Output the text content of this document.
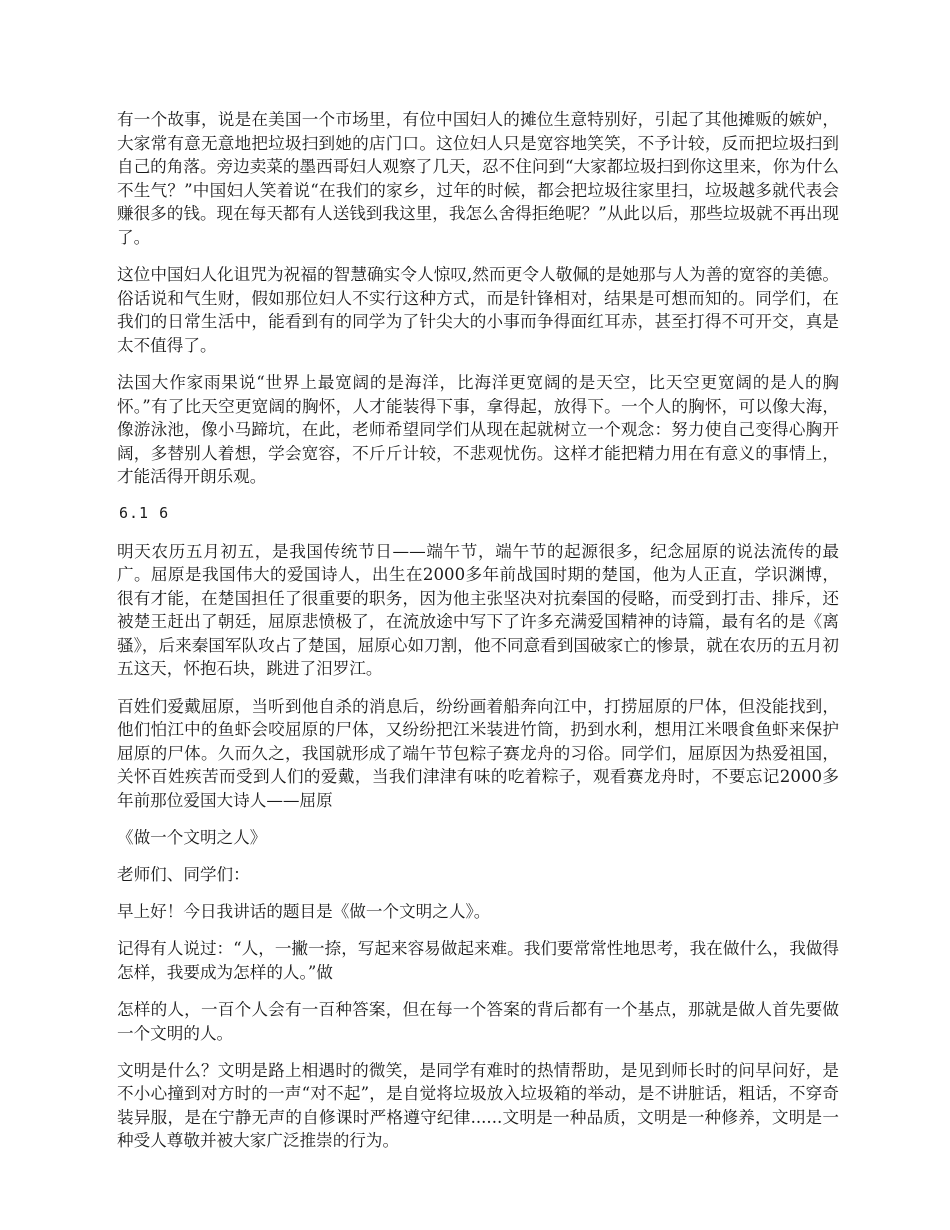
有一个故事，说是在美国一个市场里，有位中国妇人的摊位生意特别好，引起了其他摊贩的嫉妒，大家常有意无意地把垃圾扫到她的店门口。这位妇人只是宽容地笑笑，不予计较，反而把垃圾扫到自己的角落。旁边卖菜的墨西哥妇人观察了几天，忍不住问到“大家都垃圾扫到你这里来，你为什么不生气？”中国妇人笑着说“在我们的家乡，过年的时候，都会把垃圾往家里扫，垃圾越多就代表会赚很多的钱。现在每天都有人送钱到我这里，我怎么舍得拒绝呢？”从此以后，那些垃圾就不再出现了。

这位中国妇人化诅咒为祝福的智慧确实令人惊叹,然而更令人敬佩的是她那与人为善的宽容的美德。俗话说和气生财，假如那位妇人不实行这种方式，而是针锋相对，结果是可想而知的。同学们，在我们的日常生活中，能看到有的同学为了针尖大的小事而争得面红耳赤，甚至打得不可开交，真是太不值得了。

法国大作家雨果说“世界上最宽阔的是海洋，比海洋更宽阔的是天空，比天空更宽阔的是人的胸怀。”有了比天空更宽阔的胸怀，人才能装得下事，拿得起，放得下。一个人的胸怀，可以像大海，像游泳池，像小马蹄坑，在此，老师希望同学们从现在起就树立一个观念：努力使自己变得心胸开阔，多替别人着想，学会宽容，不斤斤计较，不悲观忧伤。这样才能把精力用在有意义的事情上，才能活得开朗乐观。

6.1 6

明天农历五月初五，是我国传统节日——端午节，端午节的起源很多，纪念屈原的说法流传的最广。屈原是我国伟大的爱国诗人，出生在2000多年前战国时期的楚国，他为人正直，学识渊博，很有才能，在楚国担任了很重要的职务，因为他主张坚决对抗秦国的侵略，而受到打击、排斥，还被楚王赶出了朝廷，屈原悲愤极了，在流放途中写下了许多充满爱国精神的诗篇，最有名的是《离骚》，后来秦国军队攻占了楚国，屈原心如刀割，他不同意看到国破家亡的惨景，就在农历的五月初五这天，怀抱石块，跳进了汨罗江。

百姓们爱戴屈原，当听到他自杀的消息后，纷纷画着船奔向江中，打捞屈原的尸体，但没能找到，他们怕江中的鱼虾会咬屈原的尸体，又纷纷把江米装进竹筒，扔到水利，想用江米喂食鱼虾来保护屈原的尸体。久而久之，我国就形成了端午节包粽子赛龙舟的习俗。同学们，屈原因为热爱祖国，关怀百姓疾苦而受到人们的爱戴，当我们津津有味的吃着粽子，观看赛龙舟时，不要忘记2000多年前那位爱国大诗人——屈原

《做一个文明之人》

老师们、同学们：

早上好！今日我讲话的题目是《做一个文明之人》。

记得有人说过：“人，一撇一捺，写起来容易做起来难。我们要常常性地思考，我在做什么，我做得怎样，我要成为怎样的人。”做

怎样的人，一百个人会有一百种答案，但在每一个答案的背后都有一个基点，那就是做人首先要做一个文明的人。

文明是什么？文明是路上相遇时的微笑，是同学有难时的热情帮助，是见到师长时的问早问好，是不小心撞到对方时的一声“对不起”，是自觉将垃圾放入垃圾箱的举动，是不讲脏话，粗话，不穿奇装异服，是在宁静无声的自修课时严格遵守纪律......文明是一种品质，文明是一种修养，文明是一种受人尊敬并被大家广泛推崇的行为。
